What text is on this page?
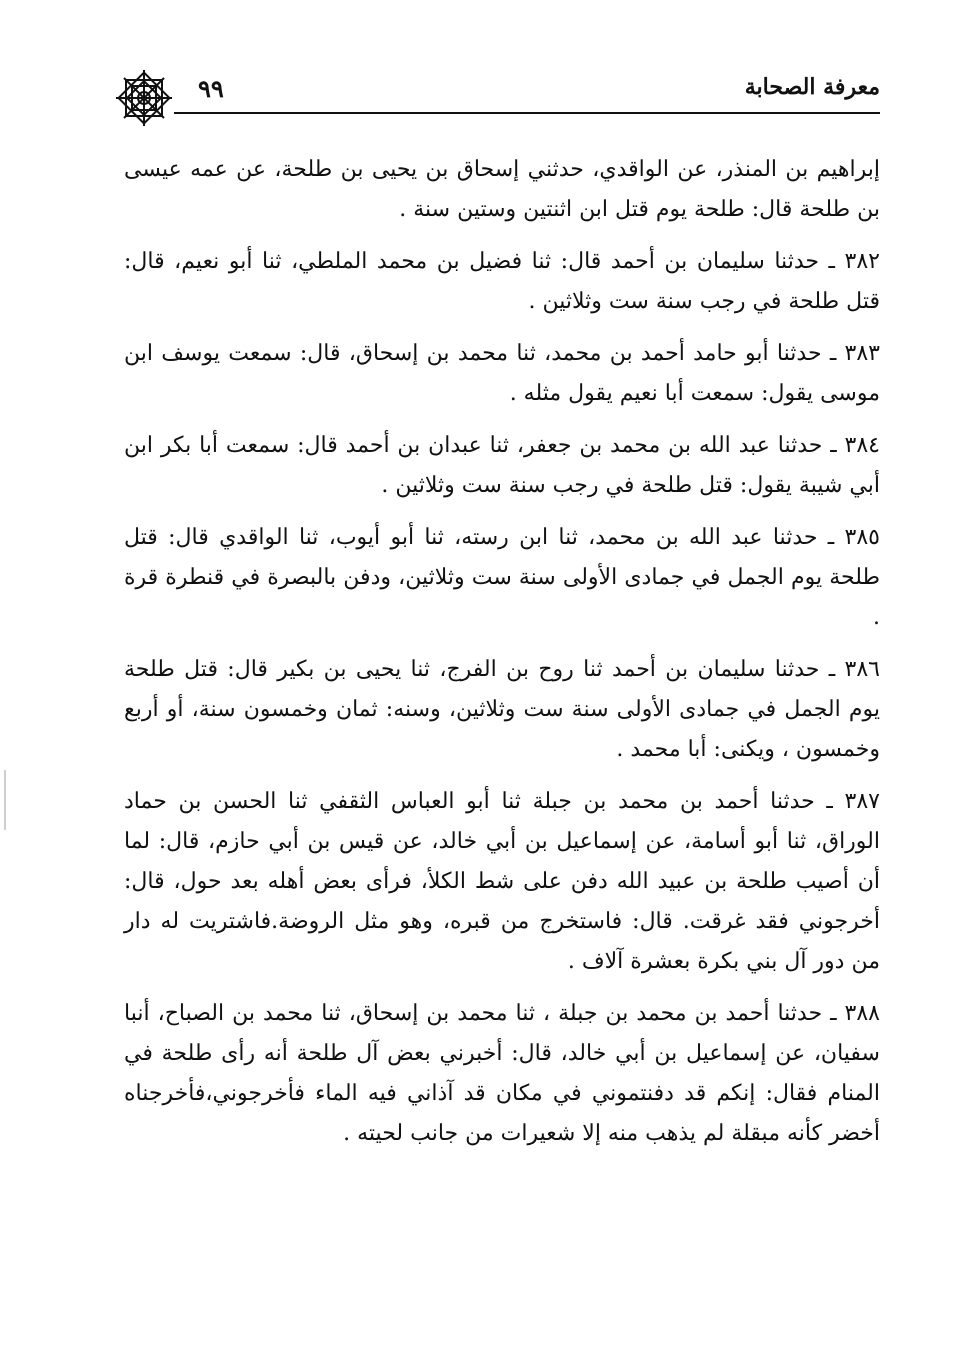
٩٩	معرفة الصحابة

إبراهيم بن المنذر، عن الواقدي، حدثني إسحاق بن يحيى بن طلحة، عن عمه عيسى بن طلحة قال: طلحة يوم قتل ابن اثنتين وستين سنة .

٣٨٢ ـ حدثنا سليمان بن أحمد قال: ثنا فضيل بن محمد الملطي، ثنا أبو نعيم، قال: قتل طلحة في رجب سنة ست وثلاثين .

٣٨٣ ـ حدثنا أبو حامد أحمد بن محمد، ثنا محمد بن إسحاق، قال: سمعت يوسف ابن موسى يقول: سمعت أبا نعيم يقول مثله .

٣٨٤ ـ حدثنا عبد الله بن محمد بن جعفر، ثنا عبدان بن أحمد قال: سمعت أبا بكر ابن أبي شيبة يقول: قتل طلحة في رجب سنة ست وثلاثين .

٣٨٥ ـ حدثنا عبد الله بن محمد، ثنا ابن رسته، ثنا أبو أيوب، ثنا الواقدي قال: قتل طلحة يوم الجمل في جمادى الأولى سنة ست وثلاثين، ودفن بالبصرة في قنطرة قرة .

٣٨٦ ـ حدثنا سليمان بن أحمد ثنا روح بن الفرج، ثنا يحيى بن بكير قال: قتل طلحة يوم الجمل في جمادى الأولى سنة ست وثلاثين، وسنه: ثمان وخمسون سنة، أو أربع وخمسون ، ويكنى: أبا محمد .

٣٨٧ ـ حدثنا أحمد بن محمد بن جبلة ثنا أبو العباس الثقفي ثنا الحسن بن حماد الوراق، ثنا أبو أسامة، عن إسماعيل بن أبي خالد، عن قيس بن أبي حازم، قال: لما أن أصيب طلحة بن عبيد الله دفن على شط الكلأ، فرأى بعض أهله بعد حول، قال: أخرجوني فقد غرقت. قال: فاستخرج من قبره، وهو مثل الروضة.فاشتريت له دار من دور آل بني بكرة بعشرة آلاف .

٣٨٨ ـ حدثنا أحمد بن محمد بن جبلة ، ثنا محمد بن إسحاق، ثنا محمد بن الصباح، أنبا سفيان، عن إسماعيل بن أبي خالد، قال: أخبرني بعض آل طلحة أنه رأى طلحة في المنام فقال: إنكم قد دفنتموني في مكان قد آذاني فيه الماء فأخرجوني،فأخرجناه أخضر كأنه مبقلة لم يذهب منه إلا شعيرات من جانب لحيته .
